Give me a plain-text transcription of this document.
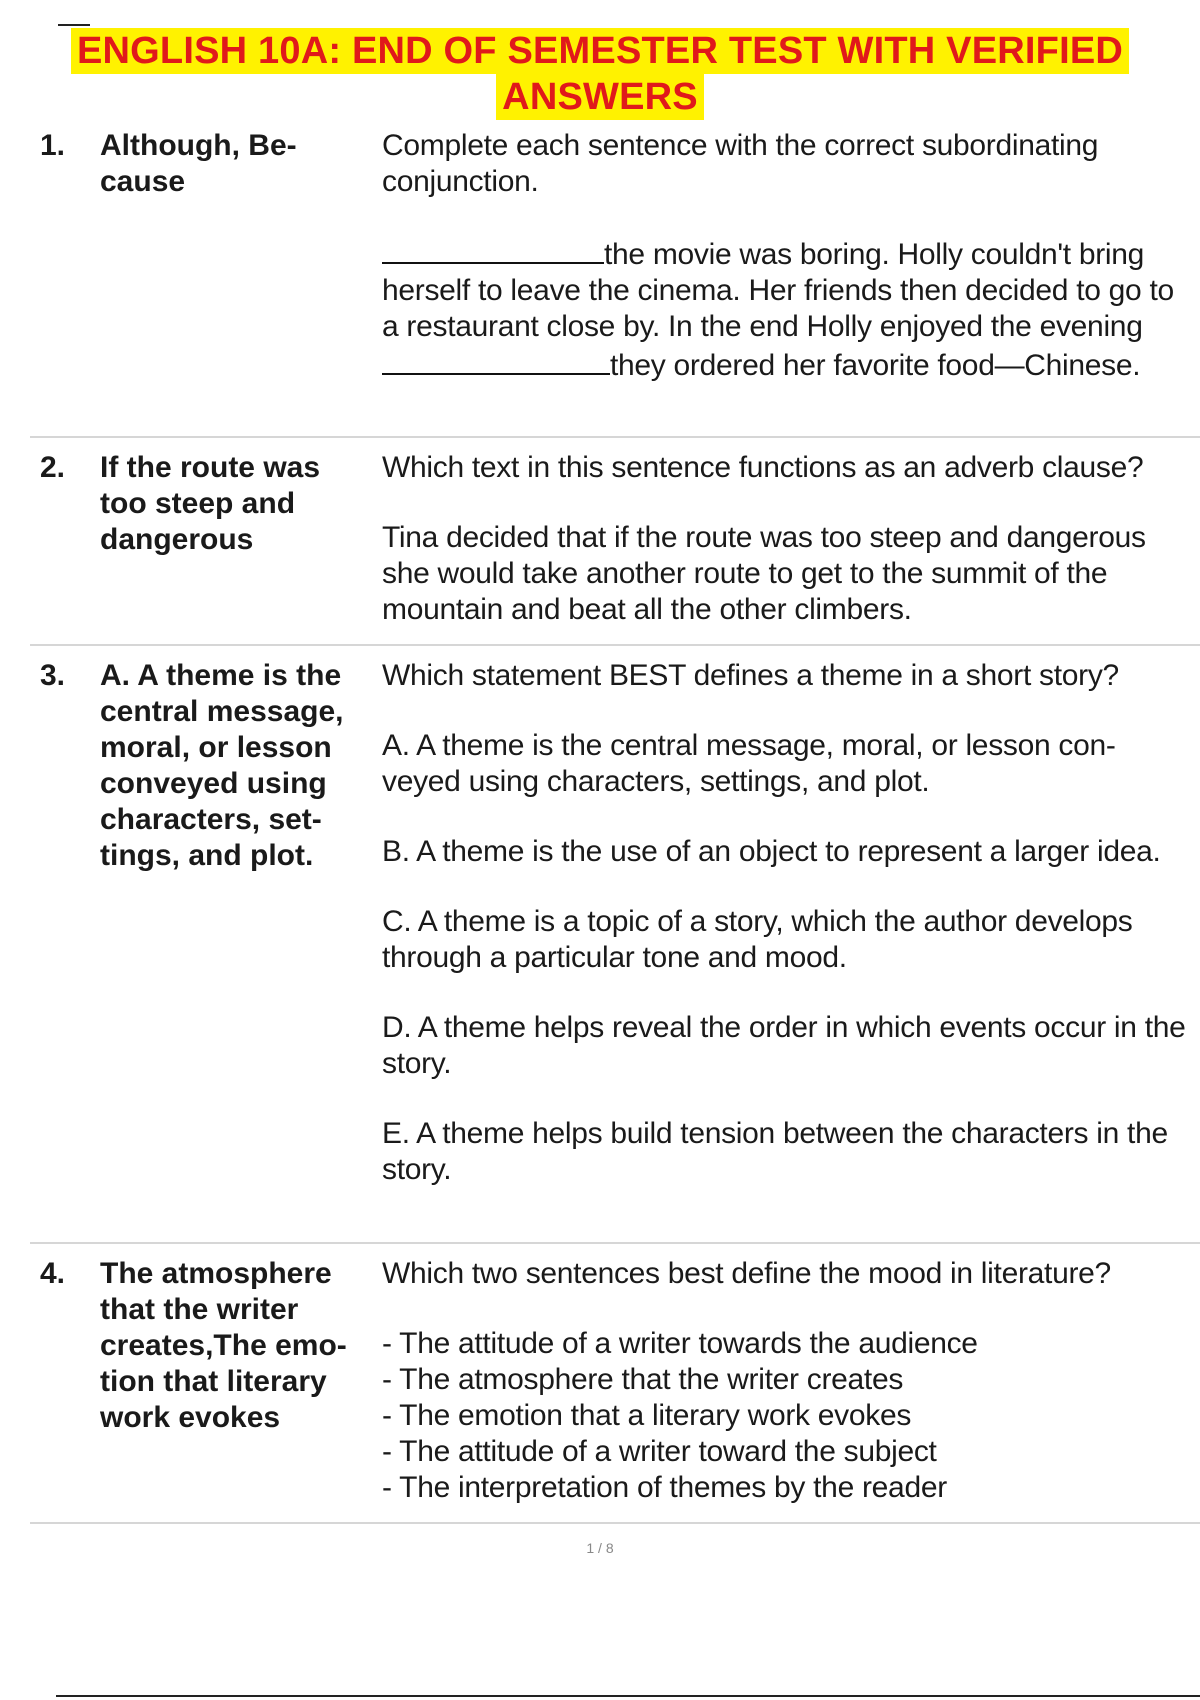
ENGLISH 10A: END OF SEMESTER TEST WITH VERIFIED
ANSWERS
1.	Although, Be-
cause

Complete each sentence with the correct subordinating conjunction.

the movie was boring. Holly couldn't bring herself to leave the cinema. Her friends then decided to go to a restaurant close by. In the end Holly enjoyed the eveningthey ordered her favorite food—Chinese.

2.	If the route was too steep and dangerous

Which text in this sentence functions as an adverb clause?

Tina decided that if the route was too steep and dangerous she would take another route to get to the summit of the mountain and beat all the other climbers.

3.	A. A theme is the central message, moral, or lesson conveyed using characters, set-
tings, and plot.

Which statement BEST defines a theme in a short story?

A. A theme is the central message, moral, or lesson con-veyed using characters, settings, and plot.

B. A theme is the use of an object to represent a larger idea.

C. A theme is a topic of a story, which the author develops through a particular tone and mood.

D. A theme helps reveal the order in which events occur in the story.

E. A theme helps build tension between the characters in the story.

4.	The atmosphere that the writer creates,The emo-
tion that literary work evokes

Which two sentences best define the mood in literature?

- The attitude of a writer towards the audience

- The atmosphere that the writer creates

- The emotion that a literary work evokes

- The attitude of a writer toward the subject

- The interpretation of themes by the reader

1 / 8
